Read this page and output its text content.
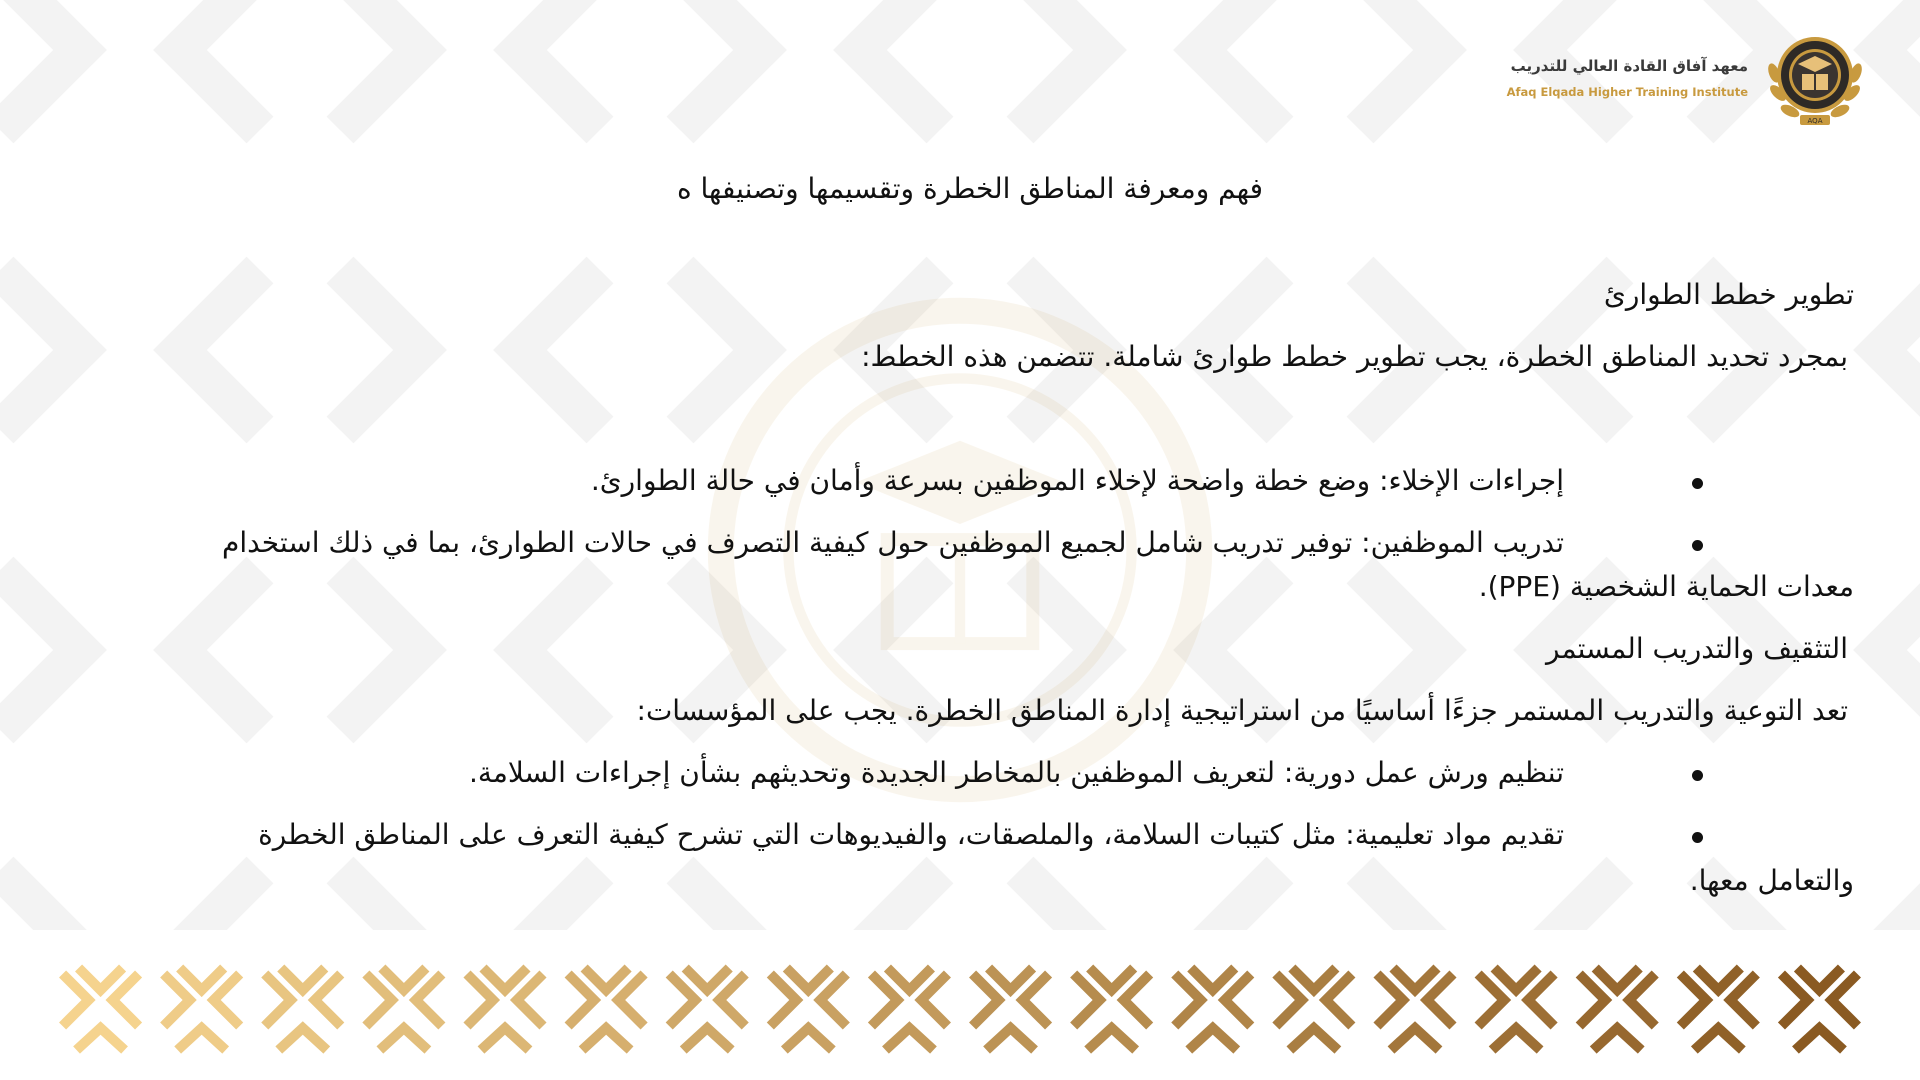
AQA
معهد آفاق القادة العالي للتدريب
Afaq Elqada Higher Training Institute
فهم ومعرفة المناطق الخطرة وتقسيمها وتصنيفها ه
تطوير خطط الطوارئ
بمجرد تحديد المناطق الخطرة، يجب تطوير خطط طوارئ شاملة. تتضمن هذه الخطط:
إجراءات الإخلاء: وضع خطة واضحة لإخلاء الموظفين بسرعة وأمان في حالة الطوارئ.
تدريب الموظفين: توفير تدريب شامل لجميع الموظفين حول كيفية التصرف في حالات الطوارئ، بما في ذلك استخدام
معدات الحماية الشخصية (PPE).
التثقيف والتدريب المستمر
تعد التوعية والتدريب المستمر جزءًا أساسيًا من استراتيجية إدارة المناطق الخطرة. يجب على المؤسسات:
تنظيم ورش عمل دورية: لتعريف الموظفين بالمخاطر الجديدة وتحديثهم بشأن إجراءات السلامة.
تقديم مواد تعليمية: مثل كتيبات السلامة، والملصقات، والفيديوهات التي تشرح كيفية التعرف على المناطق الخطرة
والتعامل معها.
